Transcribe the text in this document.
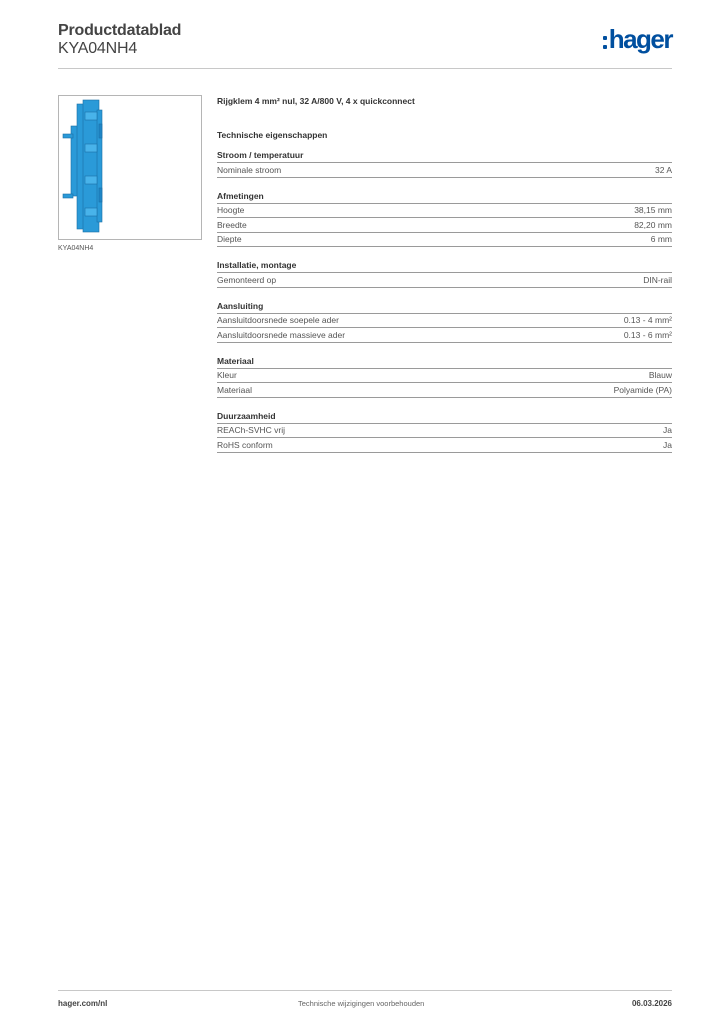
Productdatablad
KYA04NH4	hager
KYA04NH4
Rijgklem 4 mm² nul, 32 A/800 V, 4 x quickconnect
Technische eigenschappen
Stroom / temperatuur
Nominale stroom	32 A
Afmetingen
Hoogte	38,15 mm
Breedte	82,20 mm
Diepte	6 mm
Installatie, montage
Gemonteerd op	DIN-rail
Aansluiting
Aansluitdoorsnede soepele ader	0.13 - 4 mm²
Aansluitdoorsnede massieve ader	0.13 - 6 mm²
Materiaal
Kleur	Blauw
Materiaal	Polyamide (PA)
Duurzaamheid
REACh-SVHC vrij	Ja
RoHS conform	Ja
hager.com/nl	Technische wijzigingen voorbehouden	06.03.2026
